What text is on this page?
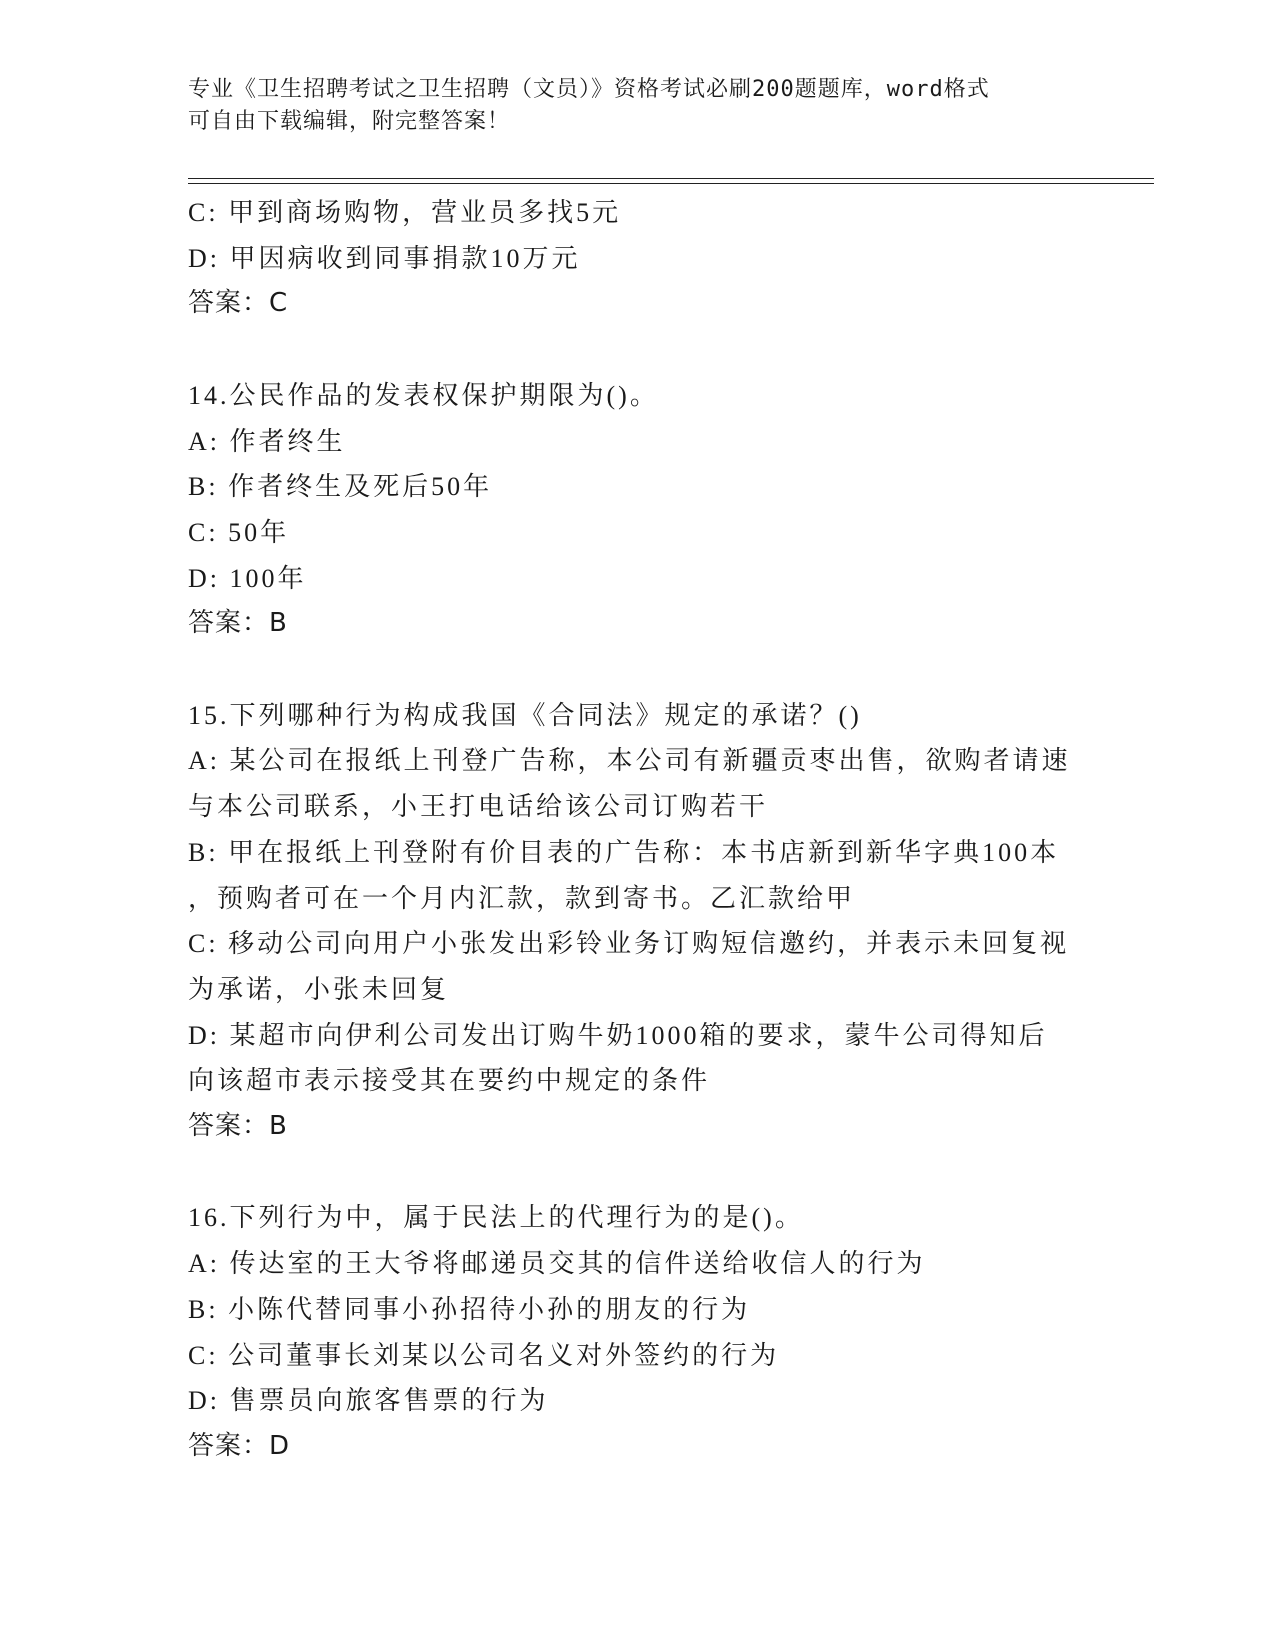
专业《卫生招聘考试之卫生招聘（文员）》资格考试必刷200题题库，word格式
可自由下载编辑，附完整答案！
C: 甲到商场购物，营业员多找5元
D: 甲因病收到同事捐款10万元
答案：C
14.公民作品的发表权保护期限为()。
A: 作者终生
B: 作者终生及死后50年
C: 50年
D: 100年
答案：B
15.下列哪种行为构成我国《合同法》规定的承诺？()
A: 某公司在报纸上刊登广告称，本公司有新疆贡枣出售，欲购者请速
与本公司联系，小王打电话给该公司订购若干
B: 甲在报纸上刊登附有价目表的广告称：本书店新到新华字典100本
，预购者可在一个月内汇款，款到寄书。乙汇款给甲
C: 移动公司向用户小张发出彩铃业务订购短信邀约，并表示未回复视
为承诺，小张未回复
D: 某超市向伊利公司发出订购牛奶1000箱的要求，蒙牛公司得知后
向该超市表示接受其在要约中规定的条件
答案：B
16.下列行为中，属于民法上的代理行为的是()。
A: 传达室的王大爷将邮递员交其的信件送给收信人的行为
B: 小陈代替同事小孙招待小孙的朋友的行为
C: 公司董事长刘某以公司名义对外签约的行为
D: 售票员向旅客售票的行为
答案：D
